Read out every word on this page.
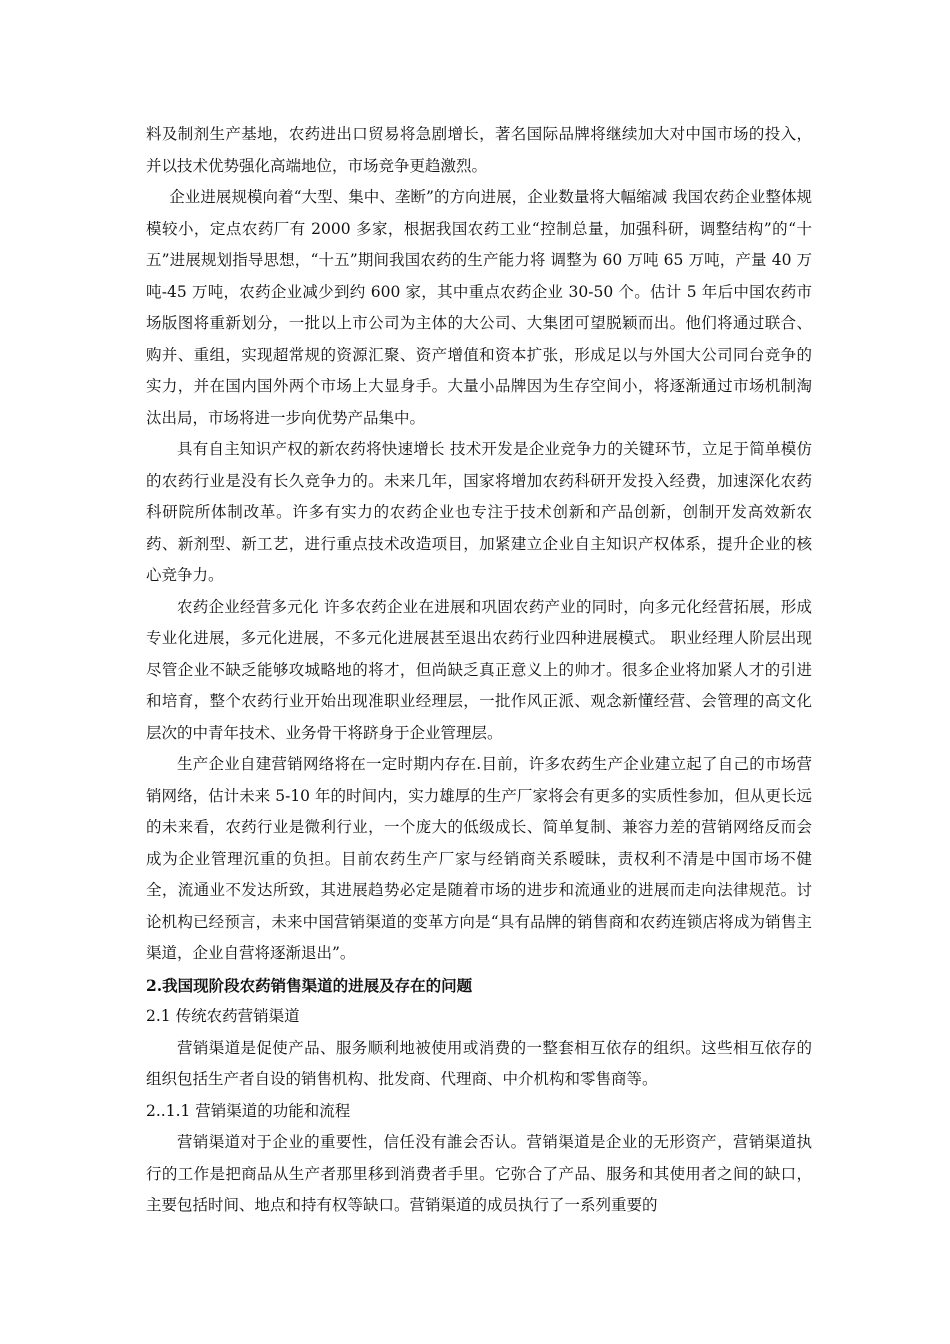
料及制剂生产基地，农药进出口贸易将急剧增长，著名国际品牌将继续加大对中国市场的投入，并以技术优势强化高端地位，市场竞争更趋激烈。

企业进展规模向着“大型、集中、垄断”的方向进展，企业数量将大幅缩减 我国农药企业整体规模较小，定点农药厂有 2000 多家，根据我国农药工业“控制总量，加强科研，调整结构”的“十五”进展规划指导思想，“十五”期间我国农药的生产能力将 调整为 60 万吨 65 万吨，产量 40 万吨-45 万吨，农药企业减少到约 600 家，其中重点农药企业 30-50 个。估计 5 年后中国农药市场版图将重新划分，一批以上市公司为主体的大公司、大集团可望脱颖而出。他们将通过联合、购并、重组，实现超常规的资源汇聚、资产增值和资本扩张，形成足以与外国大公司同台竞争的实力，并在国内国外两个市场上大显身手。大量小品牌因为生存空间小，将逐渐通过市场机制淘汰出局，市场将进一步向优势产品集中。

具有自主知识产权的新农药将快速增长 技术开发是企业竞争力的关键环节，立足于简单模仿的农药行业是没有长久竞争力的。未来几年，国家将增加农药科研开发投入经费，加速深化农药科研院所体制改革。许多有实力的农药企业也专注于技术创新和产品创新，创制开发高效新农药、新剂型、新工艺，进行重点技术改造项目，加紧建立企业自主知识产权体系，提升企业的核心竞争力。

农药企业经营多元化 许多农药企业在进展和巩固农药产业的同时，向多元化经营拓展，形成专业化进展，多元化进展，不多元化进展甚至退出农药行业四种进展模式。 职业经理人阶层出现 尽管企业不缺乏能够攻城略地的将才，但尚缺乏真正意义上的帅才。很多企业将加紧人才的引进和培育，整个农药行业开始出现准职业经理层，一批作风正派、观念新懂经营、会管理的高文化层次的中青年技术、业务骨干将跻身于企业管理层。

生产企业自建营销网络将在一定时期内存在.目前，许多农药生产企业建立起了自己的市场营销网络，估计未来 5-10 年的时间内，实力雄厚的生产厂家将会有更多的实质性参加，但从更长远的未来看，农药行业是微利行业，一个庞大的低级成长、简单复制、兼容力差的营销网络反而会成为企业管理沉重的负担。目前农药生产厂家与经销商关系暧昧，责权利不清是中国市场不健全，流通业不发达所致，其进展趋势必定是随着市场的进步和流通业的进展而走向法律规范。讨论机构已经预言，未来中国营销渠道的变革方向是“具有品牌的销售商和农药连锁店将成为销售主渠道，企业自营将逐渐退出”。

2.我国现阶段农药销售渠道的进展及存在的问题

2.1 传统农药营销渠道

营销渠道是促使产品、服务顺利地被使用或消费的一整套相互依存的组织。这些相互依存的组织包括生产者自设的销售机构、批发商、代理商、中介机构和零售商等。

2..1.1 营销渠道的功能和流程

营销渠道对于企业的重要性，信任没有誰会否认。营销渠道是企业的无形资产，营销渠道执行的工作是把商品从生产者那里移到消费者手里。它弥合了产品、服务和其使用者之间的缺口，主要包括时间、地点和持有权等缺口。营销渠道的成员执行了一系列重要的
